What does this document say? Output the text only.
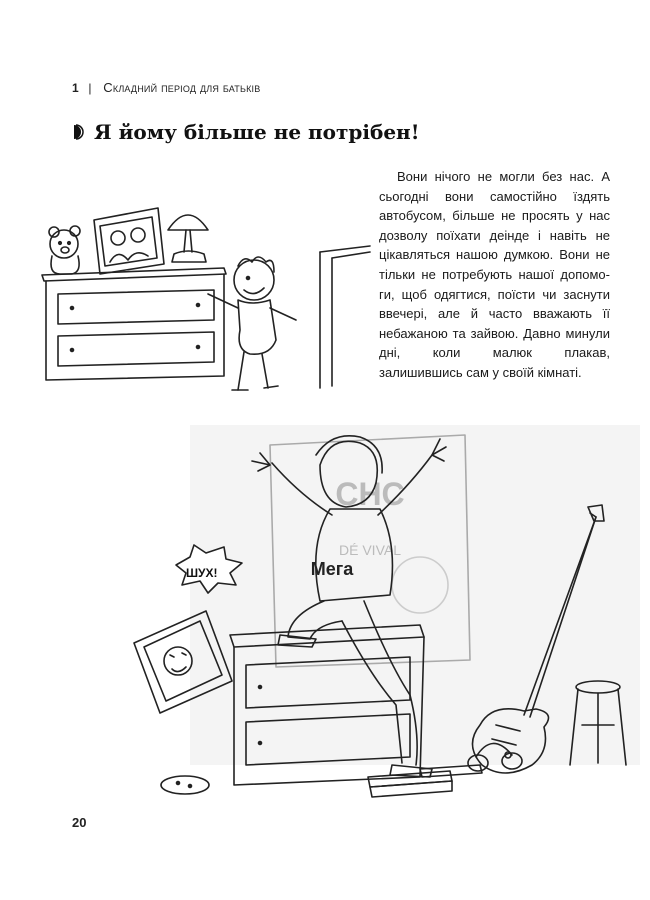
1 | Складний період для батьків
Я йому більше не потрібен!

Вони нічого не могли без нас. А сьогодні вони самостійно їздять автобусом, більше не просять у нас дозволу поїхати деінде і навіть не цікавляться нашою думкою. Вони не тільки не потребують нашої допомоги, щоб одягтися, поїсти чи заснути ввечері, але й часто вважають її небажаною та зайвою. Давно минули дні, коли малюк плакав, залишившись сам у своїй кімнаті.

CHC
DÉ VIVAL
Мега
ШУХ!
20
